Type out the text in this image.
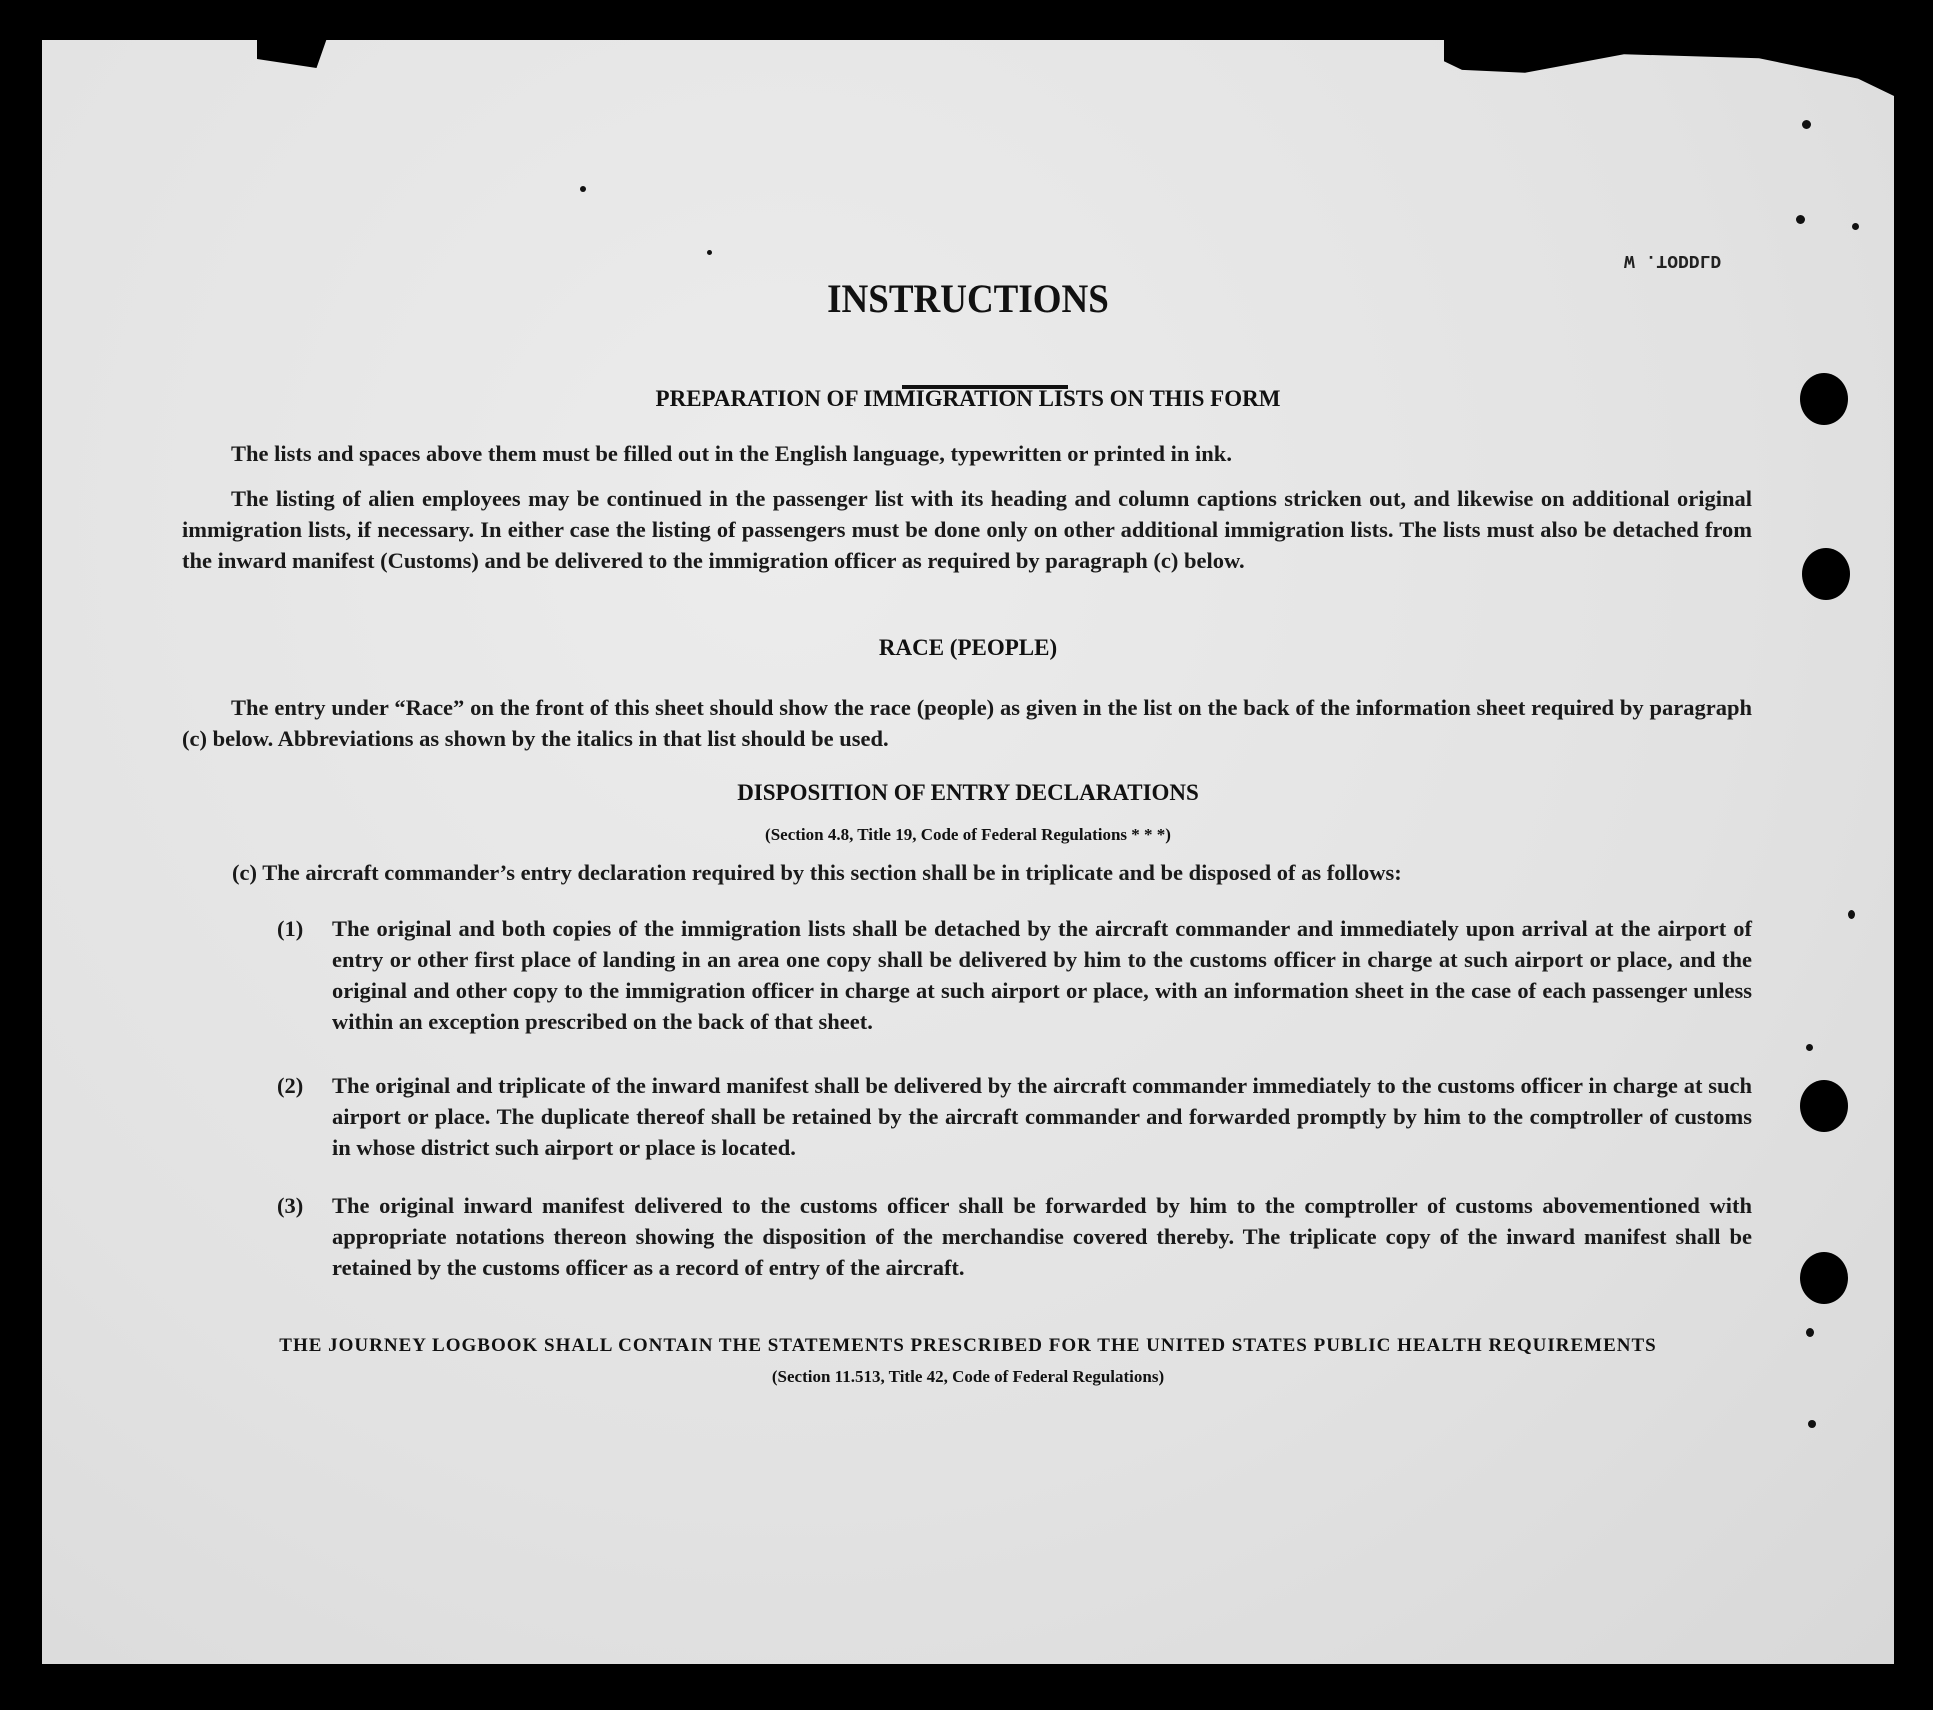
W .TODDLD
INSTRUCTIONS
PREPARATION OF IMMIGRATION LISTS ON THIS FORM

The lists and spaces above them must be filled out in the English language, typewritten or printed in ink.

The listing of alien employees may be continued in the passenger list with its heading and column captions stricken out, and likewise on additional original immigration lists, if necessary. In either case the listing of passengers must be done only on other additional immigration lists. The lists must also be detached from the inward manifest (Customs) and be delivered to the immigration officer as required by paragraph (c) below.

RACE (PEOPLE)

The entry under “Race” on the front of this sheet should show the race (people) as given in the list on the back of the information sheet required by paragraph (c) below. Abbreviations as shown by the italics in that list should be used.

DISPOSITION OF ENTRY DECLARATIONS

(Section 4.8, Title 19, Code of Federal Regulations * * *)

(c) The aircraft commander’s entry declaration required by this section shall be in triplicate and be disposed of as follows:

(1) The original and both copies of the immigration lists shall be detached by the aircraft commander and immediately upon arrival at the airport of entry or other first place of landing in an area one copy shall be delivered by him to the customs officer in charge at such airport or place, and the original and other copy to the immigration officer in charge at such airport or place, with an information sheet in the case of each passenger unless within an exception prescribed on the back of that sheet.
(2) The original and triplicate of the inward manifest shall be delivered by the aircraft commander immediately to the customs officer in charge at such airport or place. The duplicate thereof shall be retained by the aircraft commander and forwarded promptly by him to the comptroller of customs in whose district such airport or place is located.
(3) The original inward manifest delivered to the customs officer shall be forwarded by him to the comptroller of customs abovementioned with appropriate notations thereon showing the disposition of the merchandise covered thereby. The triplicate copy of the inward manifest shall be retained by the customs officer as a record of entry of the aircraft.

THE JOURNEY LOGBOOK SHALL CONTAIN THE STATEMENTS PRESCRIBED FOR THE UNITED STATES PUBLIC HEALTH REQUIREMENTS

(Section 11.513, Title 42, Code of Federal Regulations)
